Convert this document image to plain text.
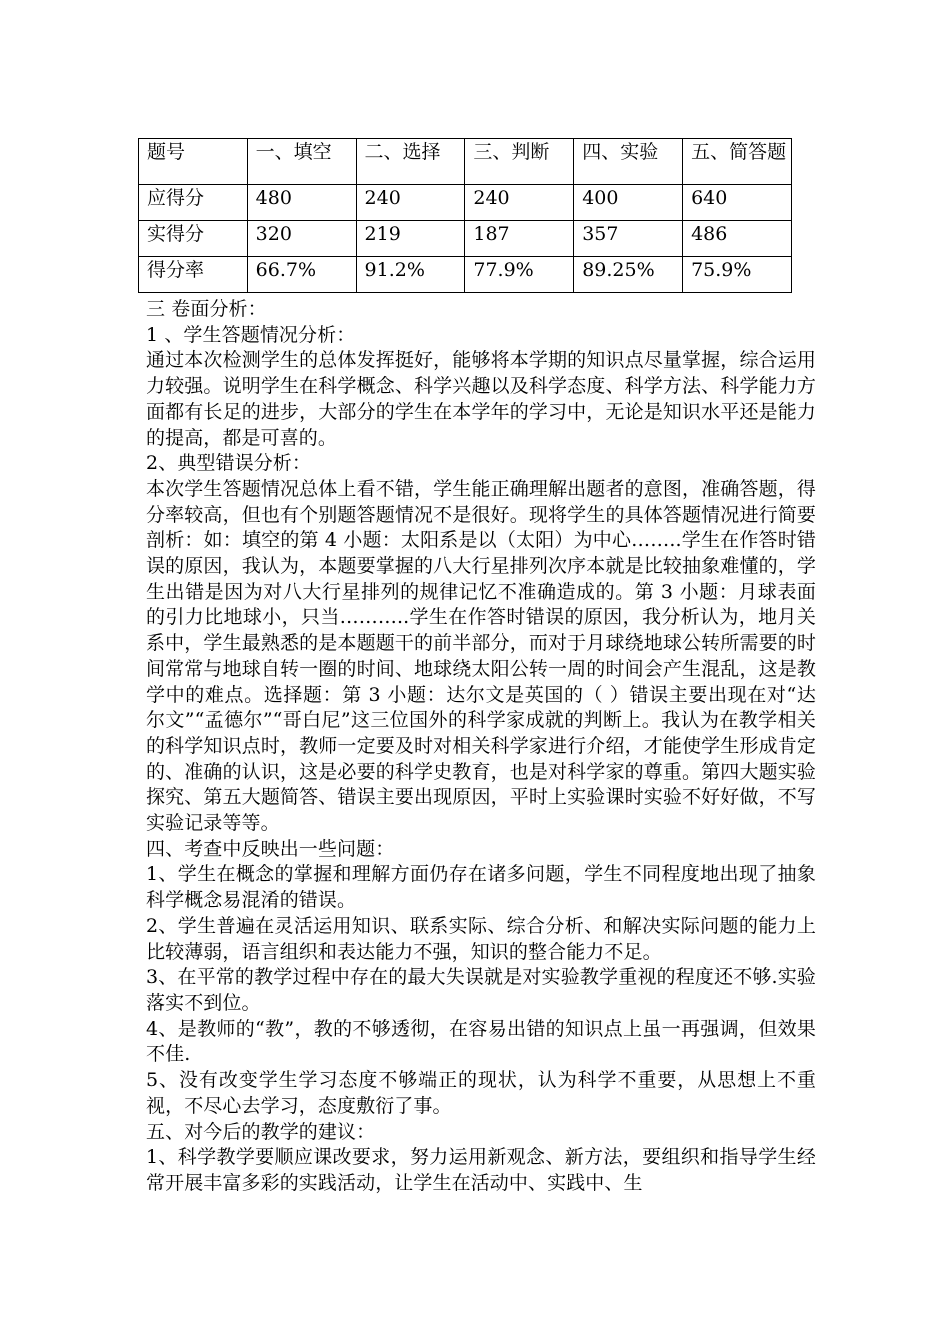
题号	一、填空	二、选择	三、判断	四、实验	五、简答题
应得分	480	240	240	400	640
实得分	320	219	187	357	486
得分率	66.7%	91.2%	77.9%	89.25%	75.9%

三 卷面分析：

1 、学生答题情况分析：

通过本次检测学生的总体发挥挺好，能够将本学期的知识点尽量掌握，综合运用力较强。说明学生在科学概念、科学兴趣以及科学态度、科学方法、科学能力方面都有长足的进步，大部分的学生在本学年的学习中，无论是知识水平还是能力的提高，都是可喜的。

2、典型错误分析：

本次学生答题情况总体上看不错，学生能正确理解出题者的意图，准确答题，得分率较高，但也有个别题答题情况不是很好。现将学生的具体答题情况进行简要剖析：如：填空的第 4 小题：太阳系是以（太阳）为中心……..学生在作答时错误的原因，我认为，本题要掌握的八大行星排列次序本就是比较抽象难懂的，学生出错是因为对八大行星排列的规律记忆不准确造成的。第 3 小题：月球表面的引力比地球小，只当………..学生在作答时错误的原因，我分析认为，地月关系中，学生最熟悉的是本题题干的前半部分，而对于月球绕地球公转所需要的时间常常与地球自转一圈的时间、地球绕太阳公转一周的时间会产生混乱，这是教学中的难点。选择题：第 3 小题：达尔文是英国的（ ）错误主要出现在对“达尔文”“孟德尔”“哥白尼”这三位国外的科学家成就的判断上。我认为在教学相关的科学知识点时，教师一定要及时对相关科学家进行介绍，才能使学生形成肯定的、准确的认识，这是必要的科学史教育，也是对科学家的尊重。第四大题实验探究、第五大题简答、错误主要出现原因，平时上实验课时实验不好好做，不写实验记录等等。

四、考查中反映出一些问题：

1、学生在概念的掌握和理解方面仍存在诸多问题，学生不同程度地出现了抽象科学概念易混淆的错误。

2、学生普遍在灵活运用知识、联系实际、综合分析、和解决实际问题的能力上比较薄弱，语言组织和表达能力不强，知识的整合能力不足。

3、在平常的教学过程中存在的最大失误就是对实验教学重视的程度还不够.实验落实不到位。

4、是教师的“教”，教的不够透彻，在容易出错的知识点上虽一再强调，但效果不佳.

5、没有改变学生学习态度不够端正的现状，认为科学不重要，从思想上不重视，不尽心去学习，态度敷衍了事。

五、对今后的教学的建议：

1、科学教学要顺应课改要求，努力运用新观念、新方法，要组织和指导学生经常开展丰富多彩的实践活动，让学生在活动中、实践中、生
